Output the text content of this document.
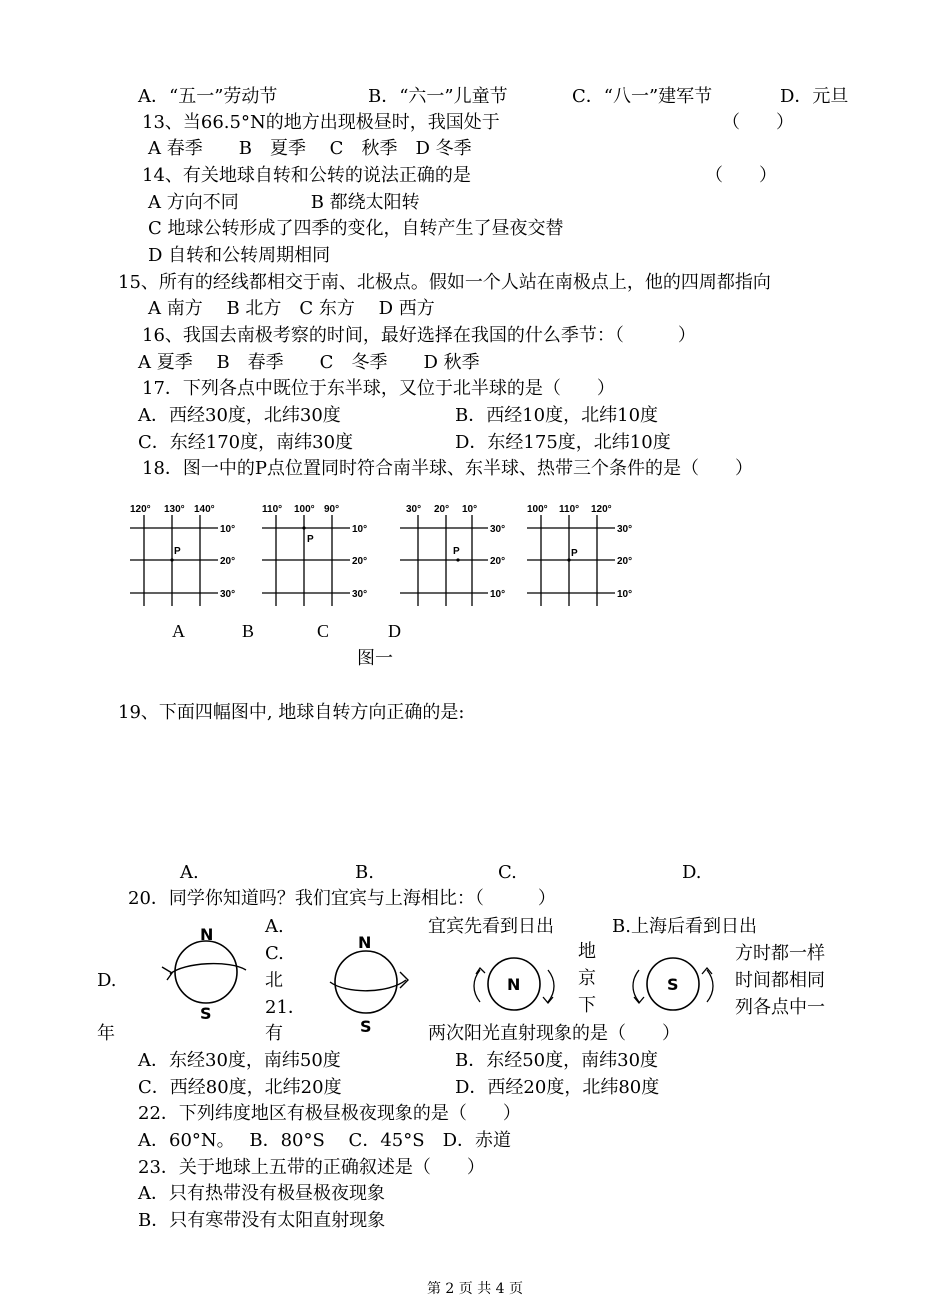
A．“五一”劳动节	B．“六一”儿童节	C．“八一”建军节	D．元旦
13、当66.5°N的地方出现极昼时，我国处于	（　　）
A 春季　　B　夏季　 C　秋季　D 冬季
14、有关地球自转和公转的说法正确的是	（　　）
A 方向不同　　　　B 都绕太阳转
C 地球公转形成了四季的变化，自转产生了昼夜交替
D 自转和公转周期相同
15、所有的经线都相交于南、北极点。假如一个人站在南极点上，他的四周都指向
A 南方　 B 北方　C 东方　 D 西方
16、我国去南极考察的时间，最好选择在我国的什么季节：（　　　）
A 夏季　 B　春季　　C　冬季　　D 秋季
17．下列各点中既位于东半球，又位于北半球的是（　　）
A．西经30度，北纬30度	B．西经10度，北纬10度
C．东经170度，南纬30度	D．东经175度，北纬10度
18．图一中的P点位置同时符合南半球、东半球、热带三个条件的是（　　）
120° 130° 140°
10°
20°
30°
P
110° 100° 90°
10°
20°
30°
P
30° 20° 10°
30°
20°
10°
P
100° 110° 120°
30°
20°
10°
P
A	B	C	D
图一
19、下面四幅图中, 地球自转方向正确的是:
A.	B.	C.	D.
20．同学你知道吗？我们宜宾与上海相比：（　　　）
A.	宜宾先看到日出	B.上海后看到日出
C.	地	方时都一样
D.	北	京	时间都相同
21．	下	列各点中一
年	有	两次阳光直射现象的是（　　）
N
S
N
S
N	S
A．东经30度，南纬50度	B．东经50度，南纬30度
C．西经80度，北纬20度	D．西经20度，北纬80度
22．下列纬度地区有极昼极夜现象的是（　　）
A．60°N。　 B．80°S　 C．45°S　D．赤道
23．关于地球上五带的正确叙述是（　　）
A．只有热带没有极昼极夜现象
B．只有寒带没有太阳直射现象
第 2 页 共 4 页
